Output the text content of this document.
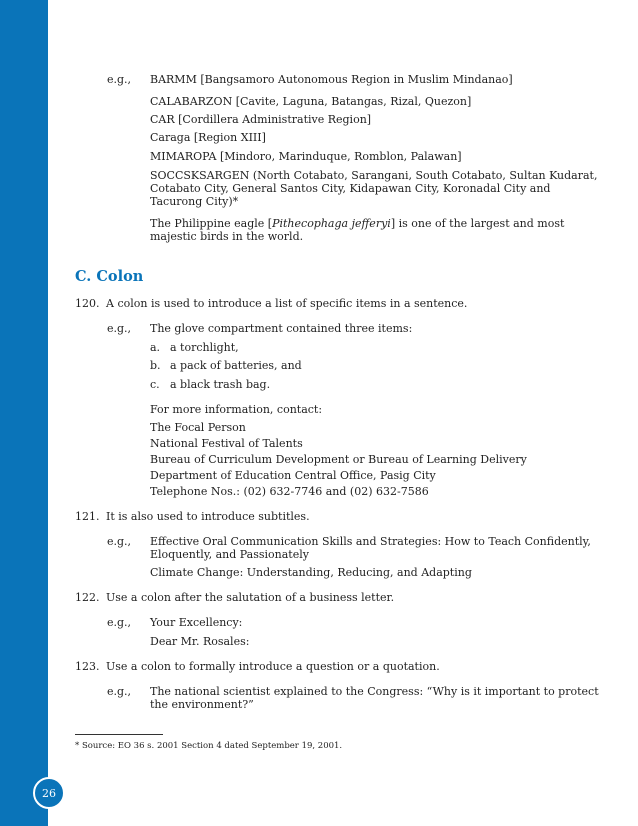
e.g., BARMM [Bangsamoro Autonomous Region in Muslim Mindanao]
CALABARZON [Cavite, Laguna, Batangas, Rizal, Quezon]
CAR [Cordillera Administrative Region]
Caraga [Region XIII]
MIMAROPA [Mindoro, Marinduque, Romblon, Palawan]
SOCCSKSARGEN (North Cotabato, Sarangani, South Cotabato, Sultan Kudarat,
Cotabato City, General Santos City, Kidapawan City, Koronadal City and
Tacurong City)*
The Philippine eagle [Pithecophaga jefferyi] is one of the largest and most
majestic birds in the world.
C. Colon
120. A colon is used to introduce a list of specific items in a sentence.
e.g., The glove compartment contained three items:
a. a torchlight,
b. a pack of batteries, and
c. a black trash bag.
For more information, contact:
The Focal Person
National Festival of Talents
Bureau of Curriculum Development or Bureau of Learning Delivery
Department of Education Central Office, Pasig City
Telephone Nos.: (02) 632-7746 and (02) 632-7586
121. It is also used to introduce subtitles.
e.g., Effective Oral Communication Skills and Strategies: How to Teach Confidently,
Eloquently, and Passionately
Climate Change: Understanding, Reducing, and Adapting
122. Use a colon after the salutation of a business letter.
e.g., Your Excellency:
Dear Mr. Rosales:
123. Use a colon to formally introduce a question or a quotation.
e.g., The national scientist explained to the Congress: “Why is it important to protect
the environment?”
* Source: EO 36 s. 2001 Section 4 dated September 19, 2001.
26
